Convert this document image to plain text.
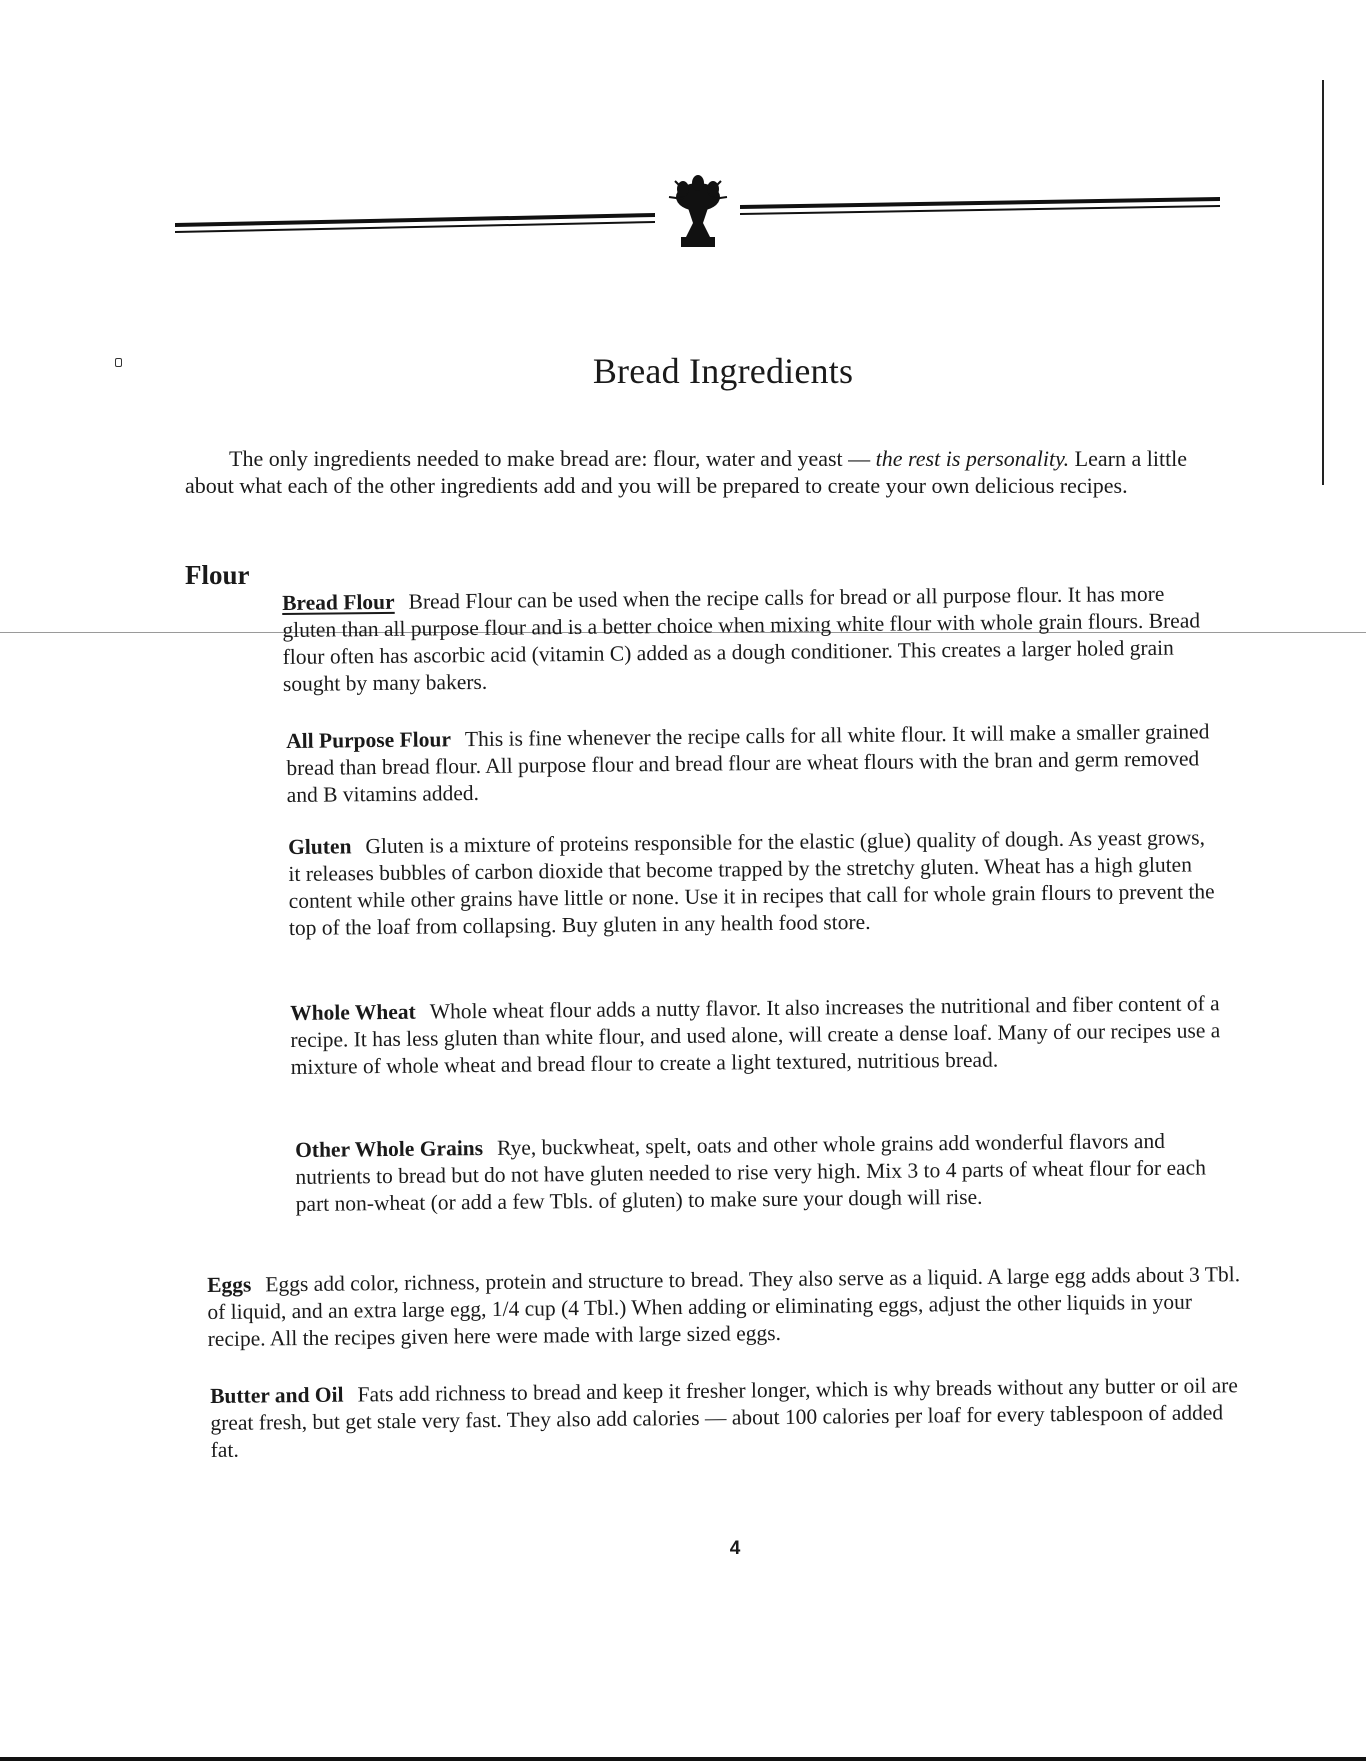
Bread Ingredients

The only ingredients needed to make bread are: flour, water and yeast — the rest is personality. Learn a little about what each of the other ingredients add and you will be prepared to create your own delicious recipes.

Flour

Bread Flour Bread Flour can be used when the recipe calls for bread or all purpose flour. It has more gluten than all purpose flour and is a better choice when mixing white flour with whole grain flours. Bread flour often has ascorbic acid (vitamin C) added as a dough conditioner. This creates a larger holed grain sought by many bakers.

All Purpose Flour This is fine whenever the recipe calls for all white flour. It will make a smaller grained bread than bread flour. All purpose flour and bread flour are wheat flours with the bran and germ removed and B vitamins added.

Gluten Gluten is a mixture of proteins responsible for the elastic (glue) quality of dough. As yeast grows, it releases bubbles of carbon dioxide that become trapped by the stretchy gluten. Wheat has a high gluten content while other grains have little or none. Use it in recipes that call for whole grain flours to prevent the top of the loaf from collapsing. Buy gluten in any health food store.

Whole Wheat Whole wheat flour adds a nutty flavor. It also increases the nutritional and fiber content of a recipe. It has less gluten than white flour, and used alone, will create a dense loaf. Many of our recipes use a mixture of whole wheat and bread flour to create a light textured, nutritious bread.

Other Whole Grains Rye, buckwheat, spelt, oats and other whole grains add wonderful flavors and nutrients to bread but do not have gluten needed to rise very high. Mix 3 to 4 parts of wheat flour for each part non-wheat (or add a few Tbls. of gluten) to make sure your dough will rise.

Eggs Eggs add color, richness, protein and structure to bread. They also serve as a liquid. A large egg adds about 3 Tbl. of liquid, and an extra large egg, 1/4 cup (4 Tbl.) When adding or eliminating eggs, adjust the other liquids in your recipe. All the recipes given here were made with large sized eggs.

Butter and Oil Fats add richness to bread and keep it fresher longer, which is why breads without any butter or oil are great fresh, but get stale very fast. They also add calories — about 100 calories per loaf for every tablespoon of added fat.

4
